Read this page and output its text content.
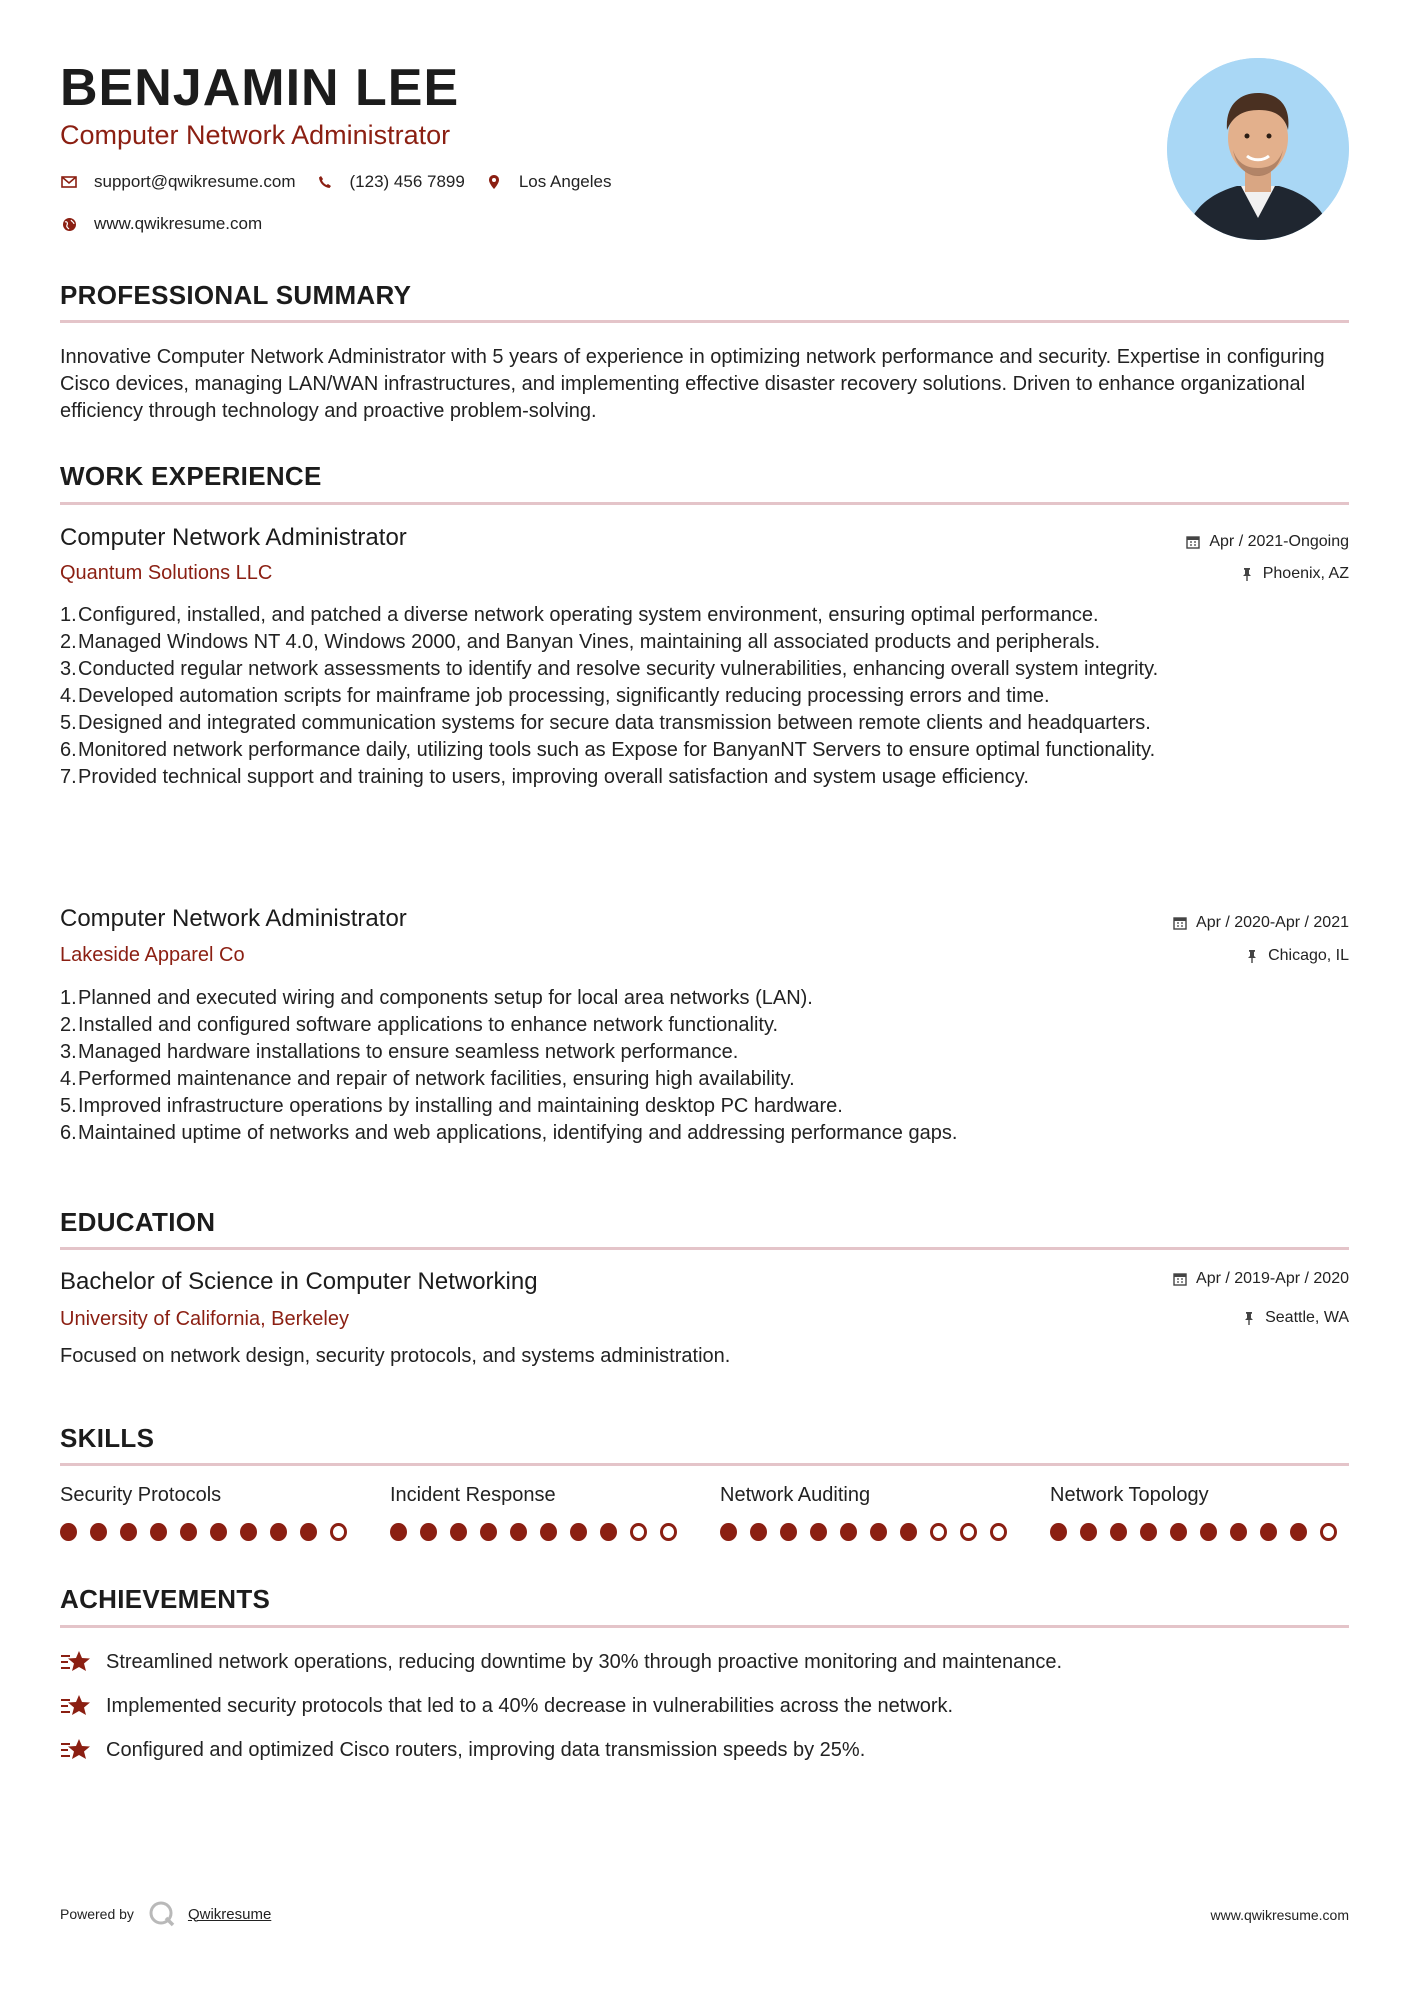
BENJAMIN LEE
Computer Network Administrator
support@qwikresume.com	(123) 456 7899	Los Angeles
www.qwikresume.com
PROFESSIONAL SUMMARY
Innovative Computer Network Administrator with 5 years of experience in optimizing network performance and security. Expertise in configuring Cisco devices, managing LAN/WAN infrastructures, and implementing effective disaster recovery solutions. Driven to enhance organizational efficiency through technology and proactive problem-solving.
WORK EXPERIENCE
Computer Network Administrator	Apr / 2021-Ongoing
Quantum Solutions LLC	Phoenix, AZ
1. Configured, installed, and patched a diverse network operating system environment, ensuring optimal performance.
2. Managed Windows NT 4.0, Windows 2000, and Banyan Vines, maintaining all associated products and peripherals.
3. Conducted regular network assessments to identify and resolve security vulnerabilities, enhancing overall system integrity.
4. Developed automation scripts for mainframe job processing, significantly reducing processing errors and time.
5. Designed and integrated communication systems for secure data transmission between remote clients and headquarters.
6. Monitored network performance daily, utilizing tools such as Expose for BanyanNT Servers to ensure optimal functionality.
7. Provided technical support and training to users, improving overall satisfaction and system usage efficiency.
Computer Network Administrator	Apr / 2020-Apr / 2021
Lakeside Apparel Co	Chicago, IL
1. Planned and executed wiring and components setup for local area networks (LAN).
2. Installed and configured software applications to enhance network functionality.
3. Managed hardware installations to ensure seamless network performance.
4. Performed maintenance and repair of network facilities, ensuring high availability.
5. Improved infrastructure operations by installing and maintaining desktop PC hardware.
6. Maintained uptime of networks and web applications, identifying and addressing performance gaps.
EDUCATION
Bachelor of Science in Computer Networking	Apr / 2019-Apr / 2020
University of California, Berkeley	Seattle, WA
Focused on network design, security protocols, and systems administration.
SKILLS
Security Protocols	Incident Response	Network Auditing	Network Topology
ACHIEVEMENTS
Streamlined network operations, reducing downtime by 30% through proactive monitoring and maintenance.
Implemented security protocols that led to a 40% decrease in vulnerabilities across the network.
Configured and optimized Cisco routers, improving data transmission speeds by 25%.
Powered by	Qwikresume	www.qwikresume.com
